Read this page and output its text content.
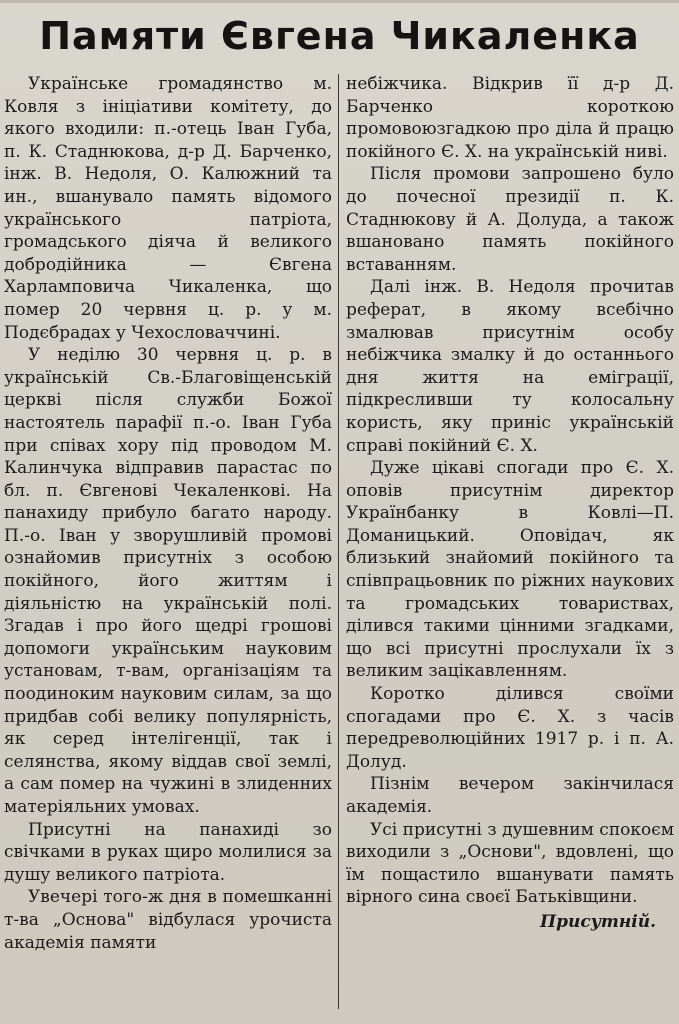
Памяти Євгена Чикаленка

Українське громадянство м. Ковля з ініціативи комітету, до якого входили: п.-отець Іван Губа, п. К. Стаднюкова, д-р Д. Барченко, інж. В. Недоля, О. Калюжний та ин., вшанувало память відомого українського патріота, громадського діяча й великого добродійника — Євгена Харламповича Чикаленка, що помер 20 червня ц. р. у м. Подєбрадах у Чехословаччині.

У неділю 30 червня ц. р. в українській Св.-Благовіщенській церкві після служби Божої настоятель парафії п.-о. Іван Губа при співах хору під проводом М. Калинчука відправив парастас по бл. п. Євгенові Чекаленкові. На панахиду прибуло багато народу. П.-о. Іван у зворушливій промові ознайомив присутніх з особою покійного, його життям і діяльністю на українській полі. Згадав і про його щедрі грошові допомоги українським науковим установам, т-вам, організаціям та поодиноким науковим силам, за що придбав собі велику популярність, як серед інтелігенції, так і селянства, якому віддав свої землі, а сам помер на чужині в злиденних матеріяльних умовах.

Присутні на панахиді зо свічками в руках щиро молилися за душу великого патріота.

Увечері того-ж дня в помешканні т-ва „Основа" відбулася урочиста академія памяти

небіжчика. Відкрив її д-р Д. Барченко короткою промовоюзгадкою про діла й працю покійного Є. Х. на українській ниві.

Після промови запрошено було до почесної президії п. К. Стаднюкову й А. Долуда, а також вшановано память покійного вставанням.

Далі інж. В. Недоля прочитав реферат, в якому всебічно змалював присутнім особу небіжчика змалку й до останнього дня життя на еміграції, підкресливши ту колосальну користь, яку приніс українській справі покійний Є. Х.

Дуже цікаві спогади про Є. Х. оповів присутнім директор Українбанку в Ковлі—П. Доманицький. Оповідач, як близький знайомий покійного та співпрацьовник по ріжних наукових та громадських товариствах, ділився такими цінними згадками, що всі присутні прослухали їх з великим зацікавленням.

Коротко ділився своїми спогадами про Є. Х. з часів передреволюційних 1917 р. і п. А. Долуд.

Пізнім вечером закінчилася академія.

Усі присутні з душевним спокоєм виходили з „Основи", вдовлені, що їм пощастило вшанувати память вірного сина своєї Батьківщини.

Присутній.
